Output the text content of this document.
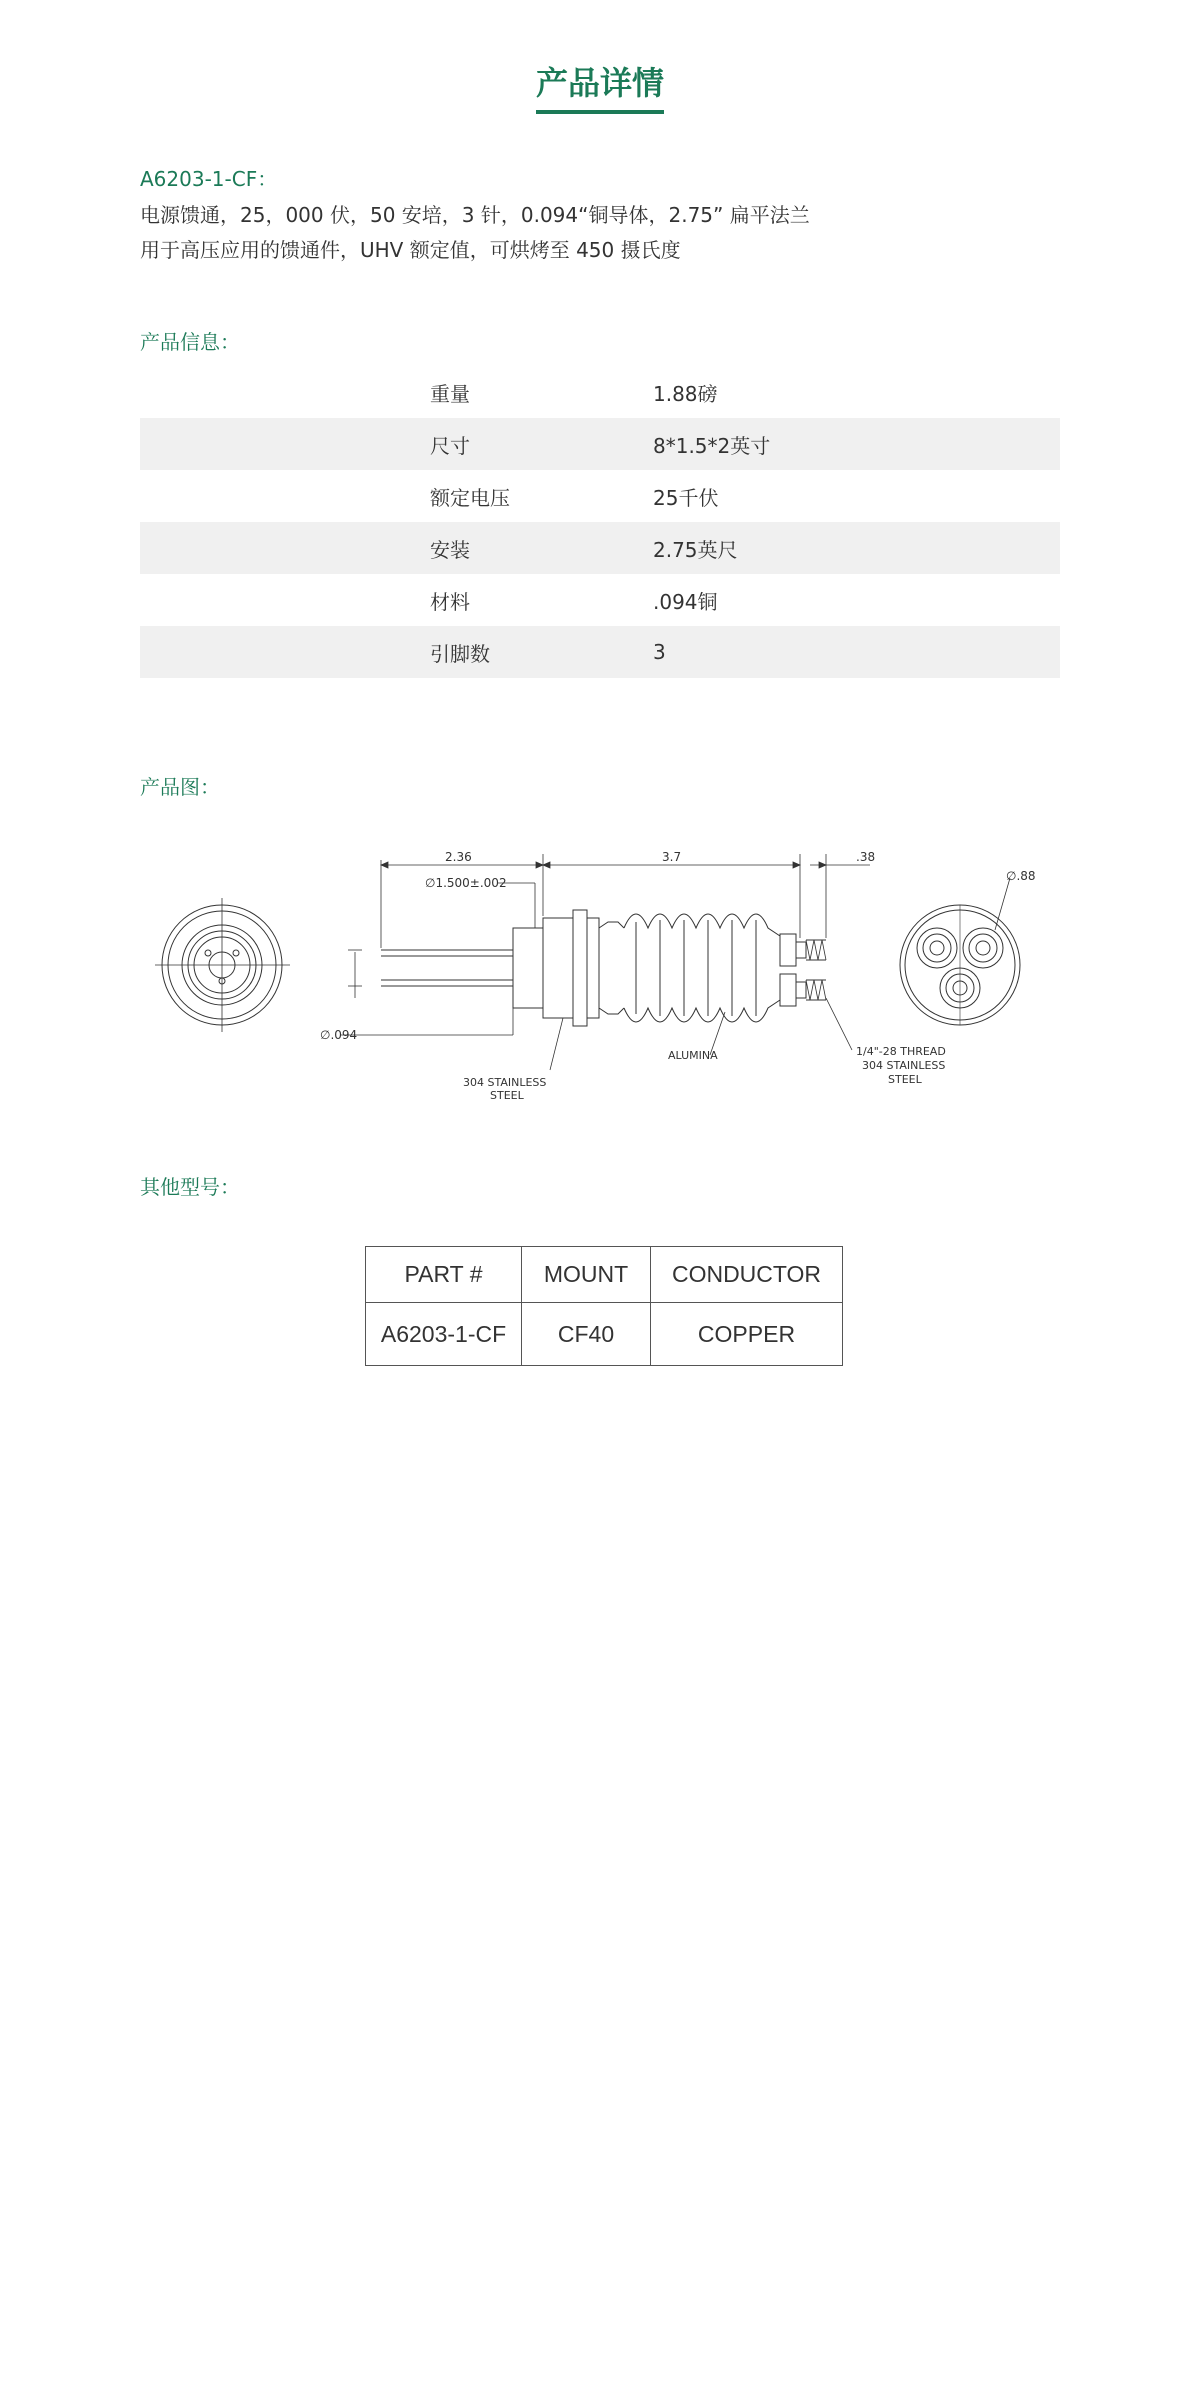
产品详情
A6203-1-CF：
电源馈通，25，000 伏，50 安培，3 针，0.094“铜导体，2.75” 扁平法兰
用于高压应用的馈通件，UHV 额定值，可烘烤至 450 摄氏度
产品信息：
重量	1.88磅
尺寸	8*1.5*2英寸
额定电压	25千伏
安装	2.75英尺
材料	.094铜
引脚数	3
产品图：
2.36	3.7	.38
∅1.500±.002
∅.094
∅.88
304 STAINLESS
STEEL
ALUMINA	1/4"-28 THREAD
304 STAINLESS
STEEL
其他型号：
PART #	MOUNT	CONDUCTOR
A6203-1-CF	CF40	COPPER
